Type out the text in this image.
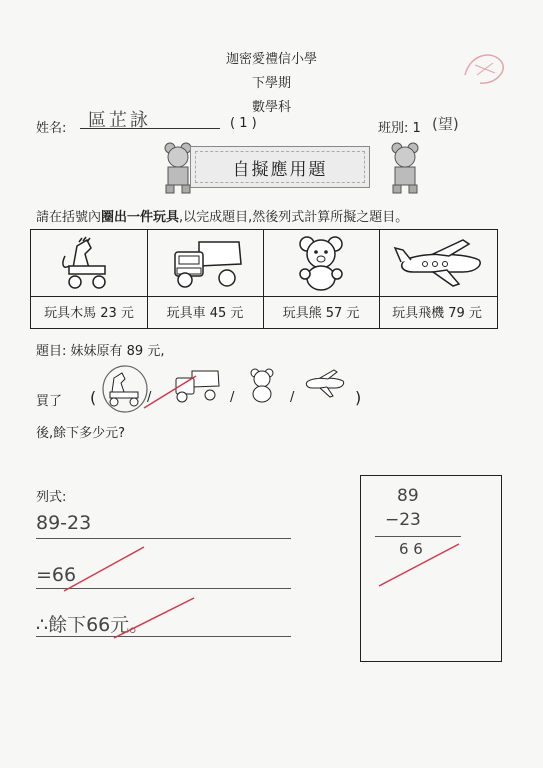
迦密愛禮信小學
下學期
數學科
姓名:	區芷詠	( 1 )	班別: 1 (望)
自擬應用題
請在括號內圈出一件玩具,以完成題目,然後列式計算所擬之題目。
玩具木馬 23 元	玩具車 45 元	玩具熊 57 元	玩具飛機 79 元
題目: 妹妹原有 89 元,
買了 (	/	/	/	)
後,餘下多少元?
列式:
89-23
=66
∴餘下66元。
89
−23
6 6
